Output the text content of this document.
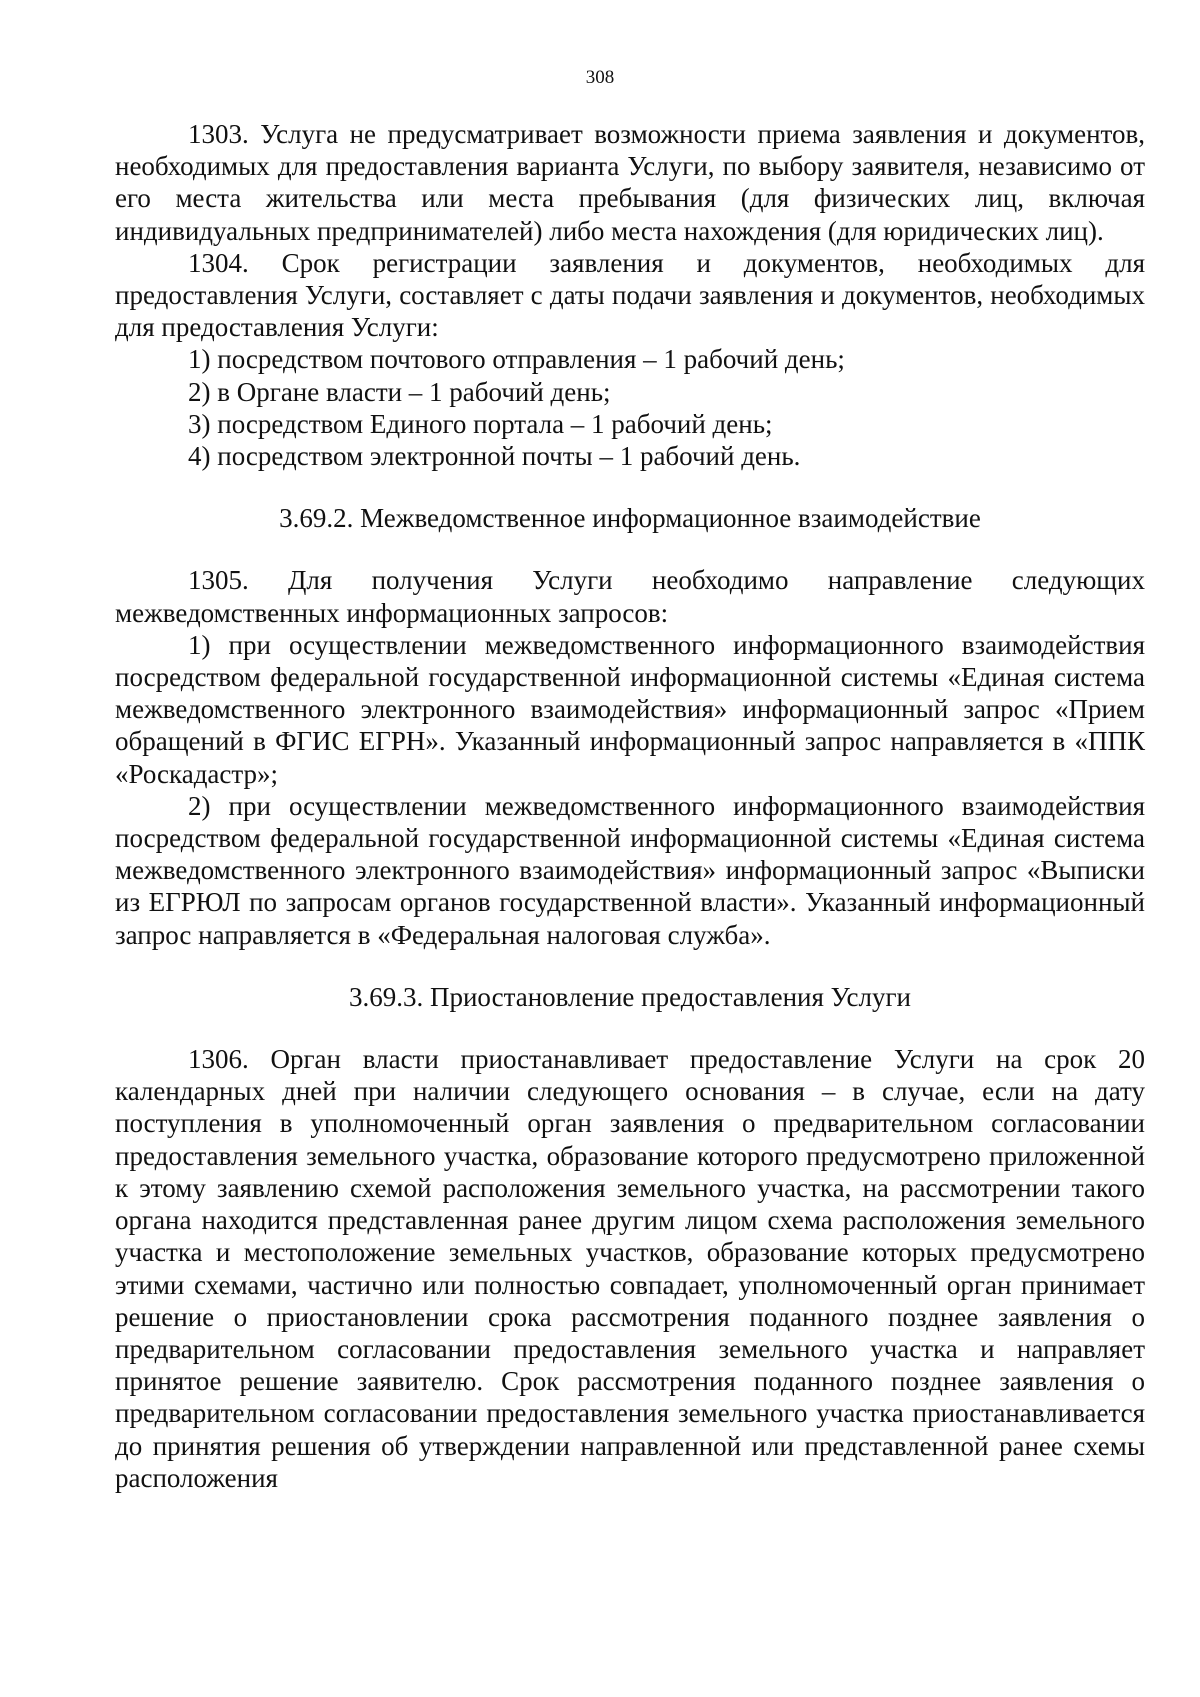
308

1303. Услуга не предусматривает возможности приема заявления и документов, необходимых для предоставления варианта Услуги, по выбору заявителя, независимо от его места жительства или места пребывания (для физических лиц, включая индивидуальных предпринимателей) либо места нахождения (для юридических лиц).

1304. Срок регистрации заявления и документов, необходимых для предоставления Услуги, составляет с даты подачи заявления и документов, необходимых для предоставления Услуги:

1) посредством почтового отправления – 1 рабочий день;

2) в Органе власти – 1 рабочий день;

3) посредством Единого портала – 1 рабочий день;

4) посредством электронной почты – 1 рабочий день.

3.69.2. Межведомственное информационное взаимодействие

1305. Для получения Услуги необходимо направление следующих межведомственных информационных запросов:

1) при осуществлении межведомственного информационного взаимодействия посредством федеральной государственной информационной системы «Единая система межведомственного электронного взаимодействия» информационный запрос «Прием обращений в ФГИС ЕГРН». Указанный информационный запрос направляется в «ППК «Роскадастр»;

2) при осуществлении межведомственного информационного взаимодействия посредством федеральной государственной информационной системы «Единая система межведомственного электронного взаимодействия» информационный запрос «Выписки из ЕГРЮЛ по запросам органов государственной власти». Указанный информационный запрос направляется в «Федеральная налоговая служба».

3.69.3. Приостановление предоставления Услуги

1306. Орган власти приостанавливает предоставление Услуги на срок 20 календарных дней при наличии следующего основания – в случае, если на дату поступления в уполномоченный орган заявления о предварительном согласовании предоставления земельного участка, образование которого предусмотрено приложенной к этому заявлению схемой расположения земельного участка, на рассмотрении такого органа находится представленная ранее другим лицом схема расположения земельного участка и местоположение земельных участков, образование которых предусмотрено этими схемами, частично или полностью совпадает, уполномоченный орган принимает решение о приостановлении срока рассмотрения поданного позднее заявления о предварительном согласовании предоставления земельного участка и направляет принятое решение заявителю. Срок рассмотрения поданного позднее заявления о предварительном согласовании предоставления земельного участка приостанавливается до принятия решения об утверждении направленной или представленной ранее схемы расположения
